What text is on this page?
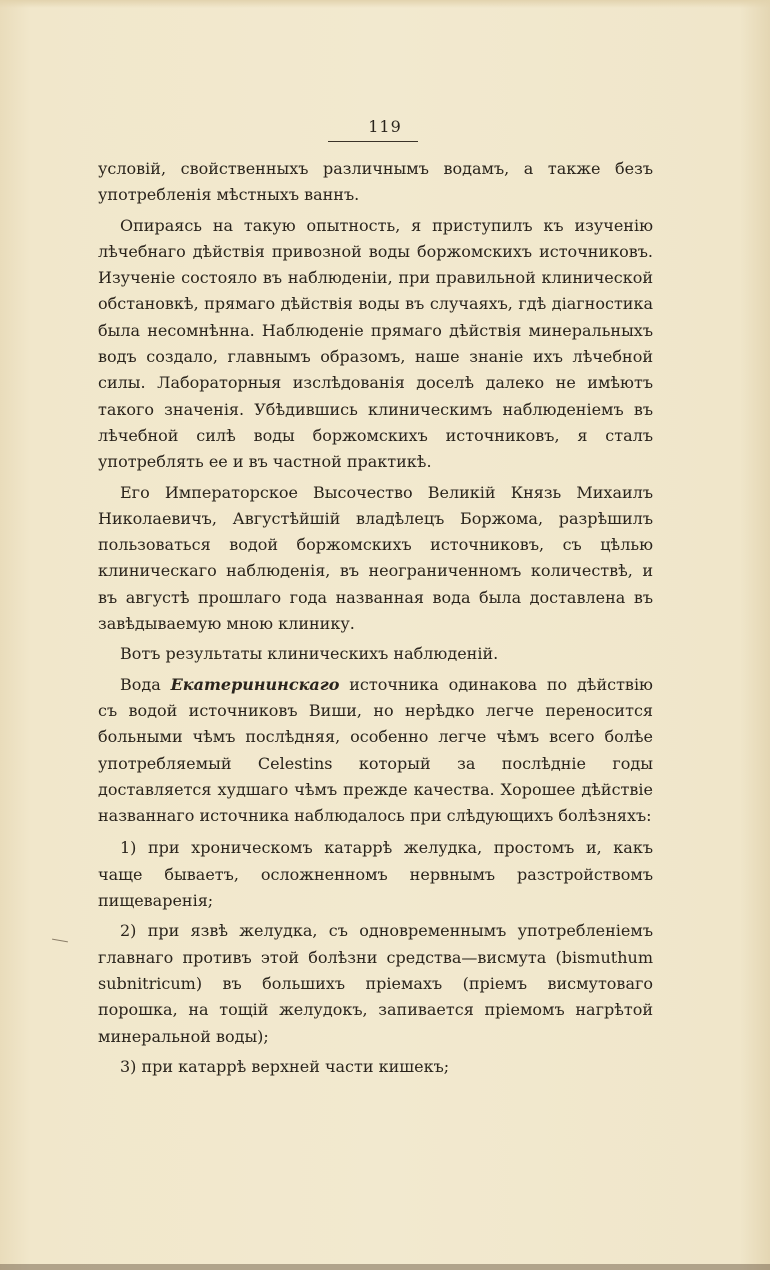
119

условій, свойственныхъ различнымъ водамъ, а также безъ употребленія мѣстныхъ ваннъ.

Опираясь на такую опытность, я приступилъ къ изученію лѣчебнаго дѣйствія привозной воды боржомскихъ источниковъ. Изученіе состояло въ наблюденіи, при правильной клинической обстановкѣ, прямаго дѣйствія воды въ случаяхъ, гдѣ діагностика была несомнѣнна. Наблюденіе прямаго дѣйствія минеральныхъ водъ создало, главнымъ образомъ, наше знаніе ихъ лѣчебной силы. Лабораторныя изслѣдованія доселѣ далеко не имѣютъ такого значенія. Убѣдившись клиническимъ наблюденіемъ въ лѣчебной силѣ воды боржомскихъ источниковъ, я сталъ употреблять ее и въ частной практикѣ.

Его Императорское Высочество Великій Князь Михаилъ Николаевичъ, Августѣйшій владѣлецъ Боржома, разрѣшилъ пользоваться водой боржомскихъ источниковъ, съ цѣлью клиническаго наблюденія, въ неограниченномъ количествѣ, и въ августѣ прошлаго года названная вода была доставлена въ завѣдываемую мною клинику.

Вотъ результаты клиническихъ наблюденій.

Вода Екатерининскаго источника одинакова по дѣйствію съ водой источниковъ Виши, но нерѣдко легче переносится больными чѣмъ послѣдняя, особенно легче чѣмъ всего болѣе употребляемый Celestins который за послѣдніе годы доставляется худшаго чѣмъ прежде качества. Хорошее дѣйствіе названнаго источника наблюдалось при слѣдующихъ болѣзняхъ:

1) при хроническомъ катаррѣ желудка, простомъ и, какъ чаще бываетъ, осложненномъ нервнымъ разстройствомъ пищеваренія;

2) при язвѣ желудка, съ одновременнымъ употребленіемъ главнаго противъ этой болѣзни средства—висмута (bismuthum subnitricum) въ большихъ пріемахъ (пріемъ висмутоваго порошка, на тощій желудокъ, запивается пріемомъ нагрѣтой минеральной воды);

3) при катаррѣ верхней части кишекъ;
